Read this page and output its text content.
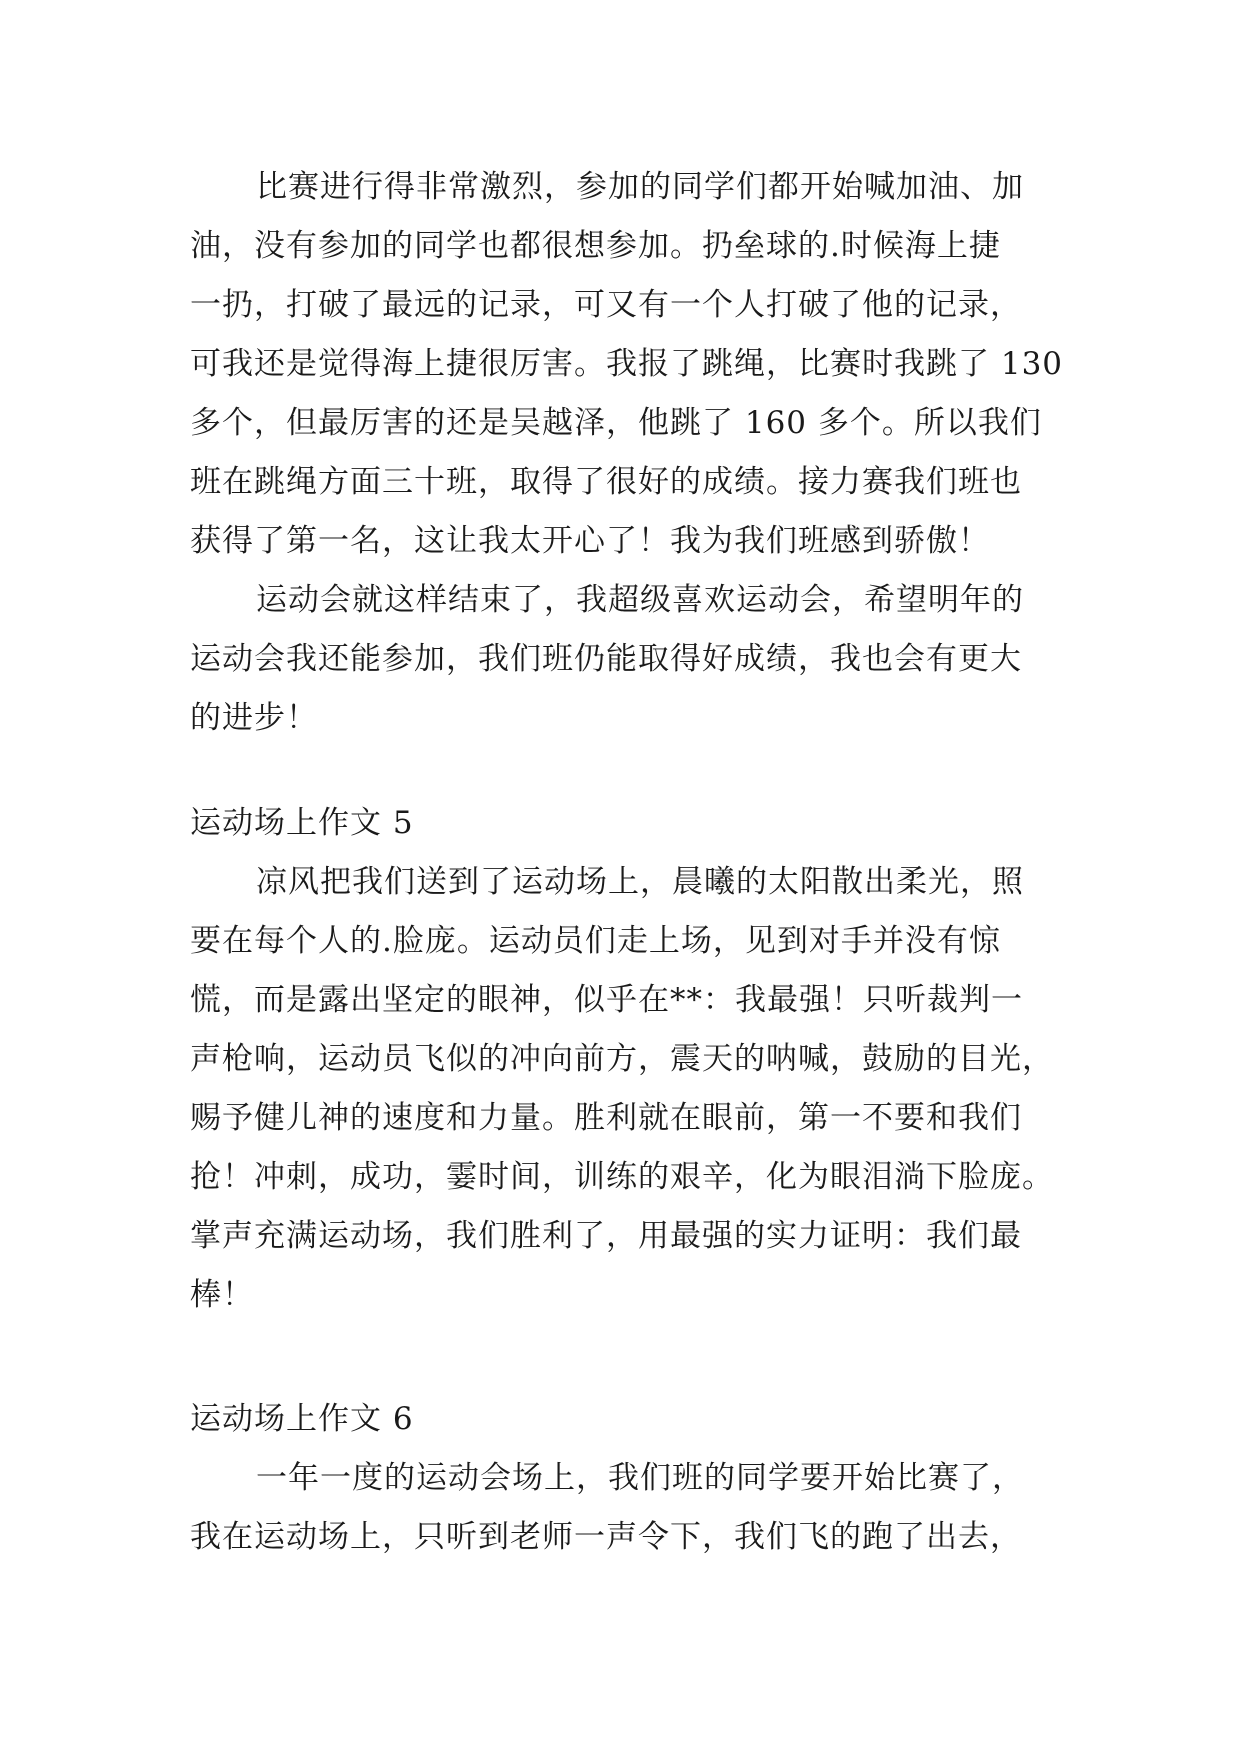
比赛进行得非常激烈，参加的同学们都开始喊加油、加
油，没有参加的同学也都很想参加。扔垒球的.时候海上捷
一扔，打破了最远的记录，可又有一个人打破了他的记录，
可我还是觉得海上捷很厉害。我报了跳绳，比赛时我跳了 130
多个，但最厉害的还是吴越泽，他跳了 160 多个。所以我们
班在跳绳方面三十班，取得了很好的成绩。接力赛我们班也
获得了第一名，这让我太开心了！我为我们班感到骄傲！
运动会就这样结束了，我超级喜欢运动会，希望明年的
运动会我还能参加，我们班仍能取得好成绩，我也会有更大
的进步！
运动场上作文 5
凉风把我们送到了运动场上，晨曦的太阳散出柔光，照
要在每个人的.脸庞。运动员们走上场，见到对手并没有惊
慌，而是露出坚定的眼神，似乎在**：我最强！只听裁判一
声枪响，运动员飞似的冲向前方，震天的呐喊，鼓励的目光，
赐予健儿神的速度和力量。胜利就在眼前，第一不要和我们
抢！冲刺，成功，霎时间，训练的艰辛，化为眼泪淌下脸庞。
掌声充满运动场，我们胜利了，用最强的实力证明：我们最
棒！
运动场上作文 6
一年一度的运动会场上，我们班的同学要开始比赛了，
我在运动场上，只听到老师一声令下，我们飞的跑了出去，
